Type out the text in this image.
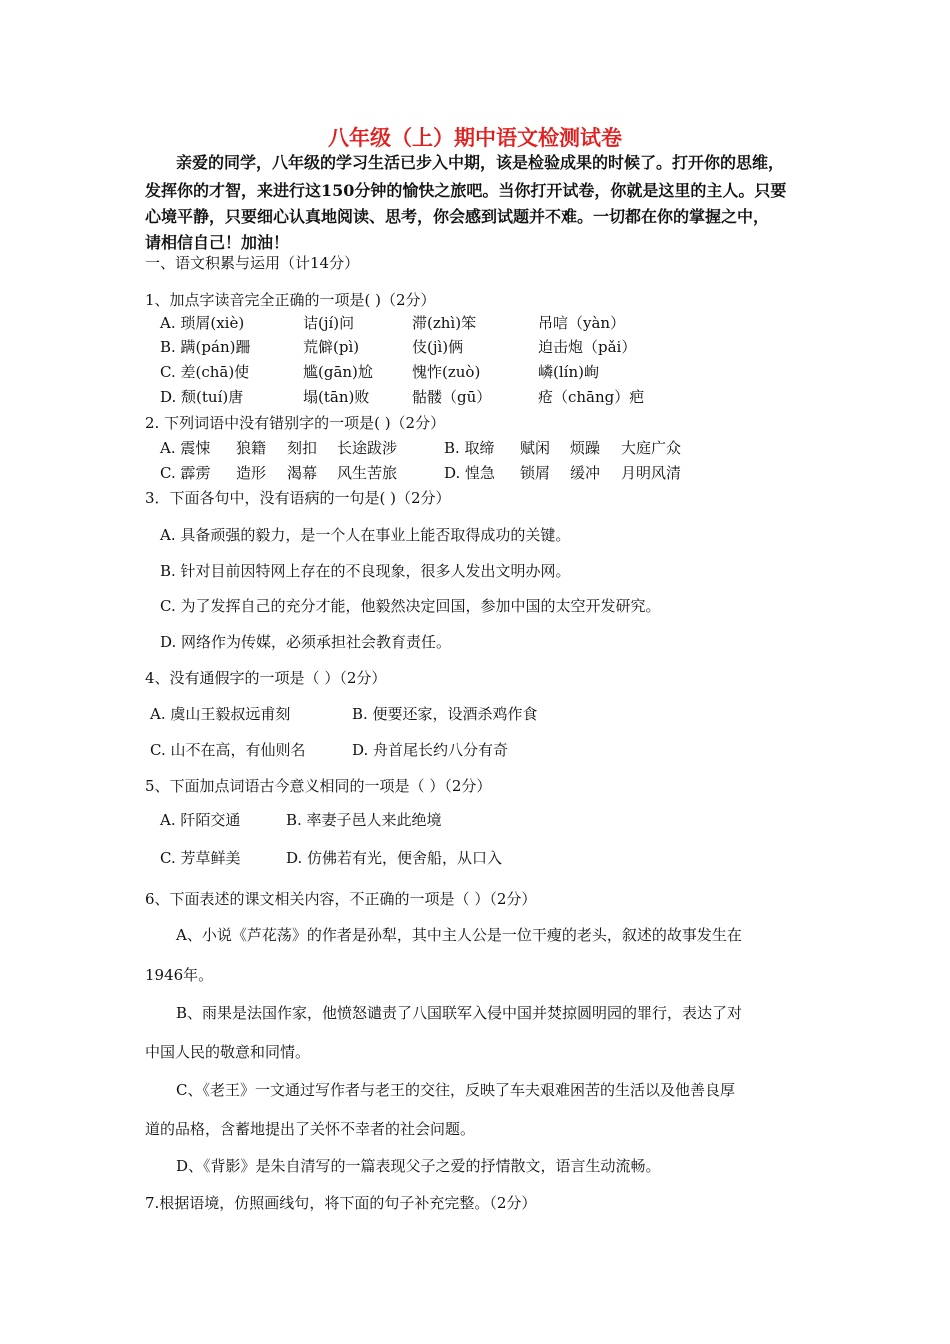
八年级（上）期中语文检测试卷
亲爱的同学，八年级的学习生活已步入中期，该是检验成果的时候了。打开你的思维，
发挥你的才智，来进行这150分钟的愉快之旅吧。当你打开试卷，你就是这里的主人。只要
心境平静，只要细心认真地阅读、思考，你会感到试题并不难。一切都在你的掌握之中，
请相信自己！加油！
一、语文积累与运用（计14分）
1、加点字读音完全正确的一项是( )（2分）
A. 琐屑(xiè)	诘(jí)问	滞(zhì)笨	吊唁（yàn）
B. 蹒(pán)跚	荒僻(pì)	伎(jì)俩	迫击炮（pǎi）
C. 差(chā)使	尴(gān)尬	愧怍(zuò)	嶙(lín)峋
D. 颓(tuí)唐	塌(tān)败	骷髅（gū）	疮（chāng）疤
2. 下列词语中没有错别字的一项是( )（2分）
A. 震悚 狼籍 刻扣 长途跋涉	B. 取缔 赋闲 烦躁 大庭广众
C. 霹雳 造形 渴幕 风生苦旅	D. 惶急 锁屑 缓冲 月明风清
3．下面各句中，没有语病的一句是( )（2分）
A. 具备顽强的毅力，是一个人在事业上能否取得成功的关键。
B. 针对目前因特网上存在的不良现象，很多人发出文明办网。
C. 为了发挥自己的充分才能，他毅然决定回国，参加中国的太空开发研究。
D. 网络作为传媒，必须承担社会教育责任。
4、没有通假字的一项是（ ）（2分）
A. 虞山王毅叔远甫刻	B. 便要还家，设酒杀鸡作食
C. 山不在高，有仙则名	D. 舟首尾长约八分有奇
5、下面加点词语古今意义相同的一项是（ ）（2分）
A. 阡陌交通	B. 率妻子邑人来此绝境
C. 芳草鲜美	D. 仿佛若有光，便舍船，从口入
6、下面表述的课文相关内容，不正确的一项是（ ）（2分）
A、小说《芦花荡》的作者是孙犁，其中主人公是一位干瘦的老头，叙述的故事发生在
1946年。
B、雨果是法国作家，他愤怒谴责了八国联军入侵中国并焚掠圆明园的罪行，表达了对
中国人民的敬意和同情。
C、《老王》一文通过写作者与老王的交往，反映了车夫艰难困苦的生活以及他善良厚
道的品格，含蓄地提出了关怀不幸者的社会问题。
D、《背影》是朱自清写的一篇表现父子之爱的抒情散文，语言生动流畅。
7.根据语境，仿照画线句，将下面的句子补充完整。（2分）
